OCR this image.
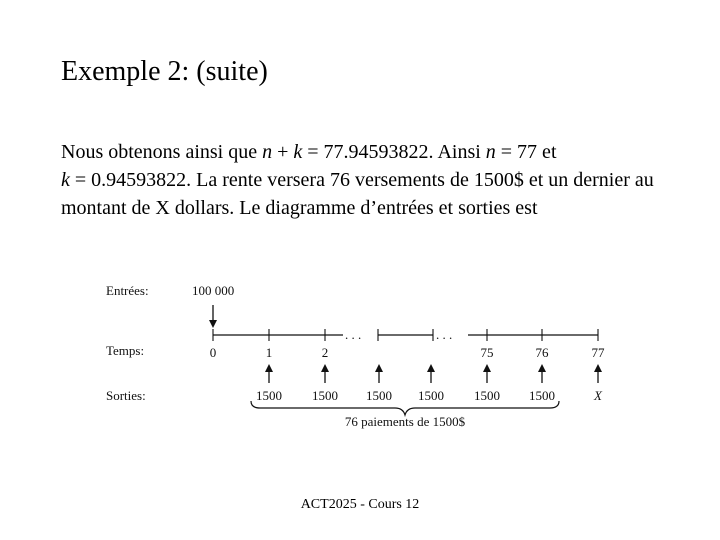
Exemple 2: (suite)
Nous obtenons ainsi que n + k = 77.94593822. Ainsi n = 77 et
k = 0.94593822. La rente versera 76 versements de 1500$ et un dernier au montant de X dollars. Le diagramme d’entrées et sorties est
Entrées:
Temps:
Sorties:
100 000
. . .	. . .
0	1	2	75	76	77
1500 1500 1500 1500 1500 1500	X
76 paiements de 1500$
ACT2025 - Cours 12
